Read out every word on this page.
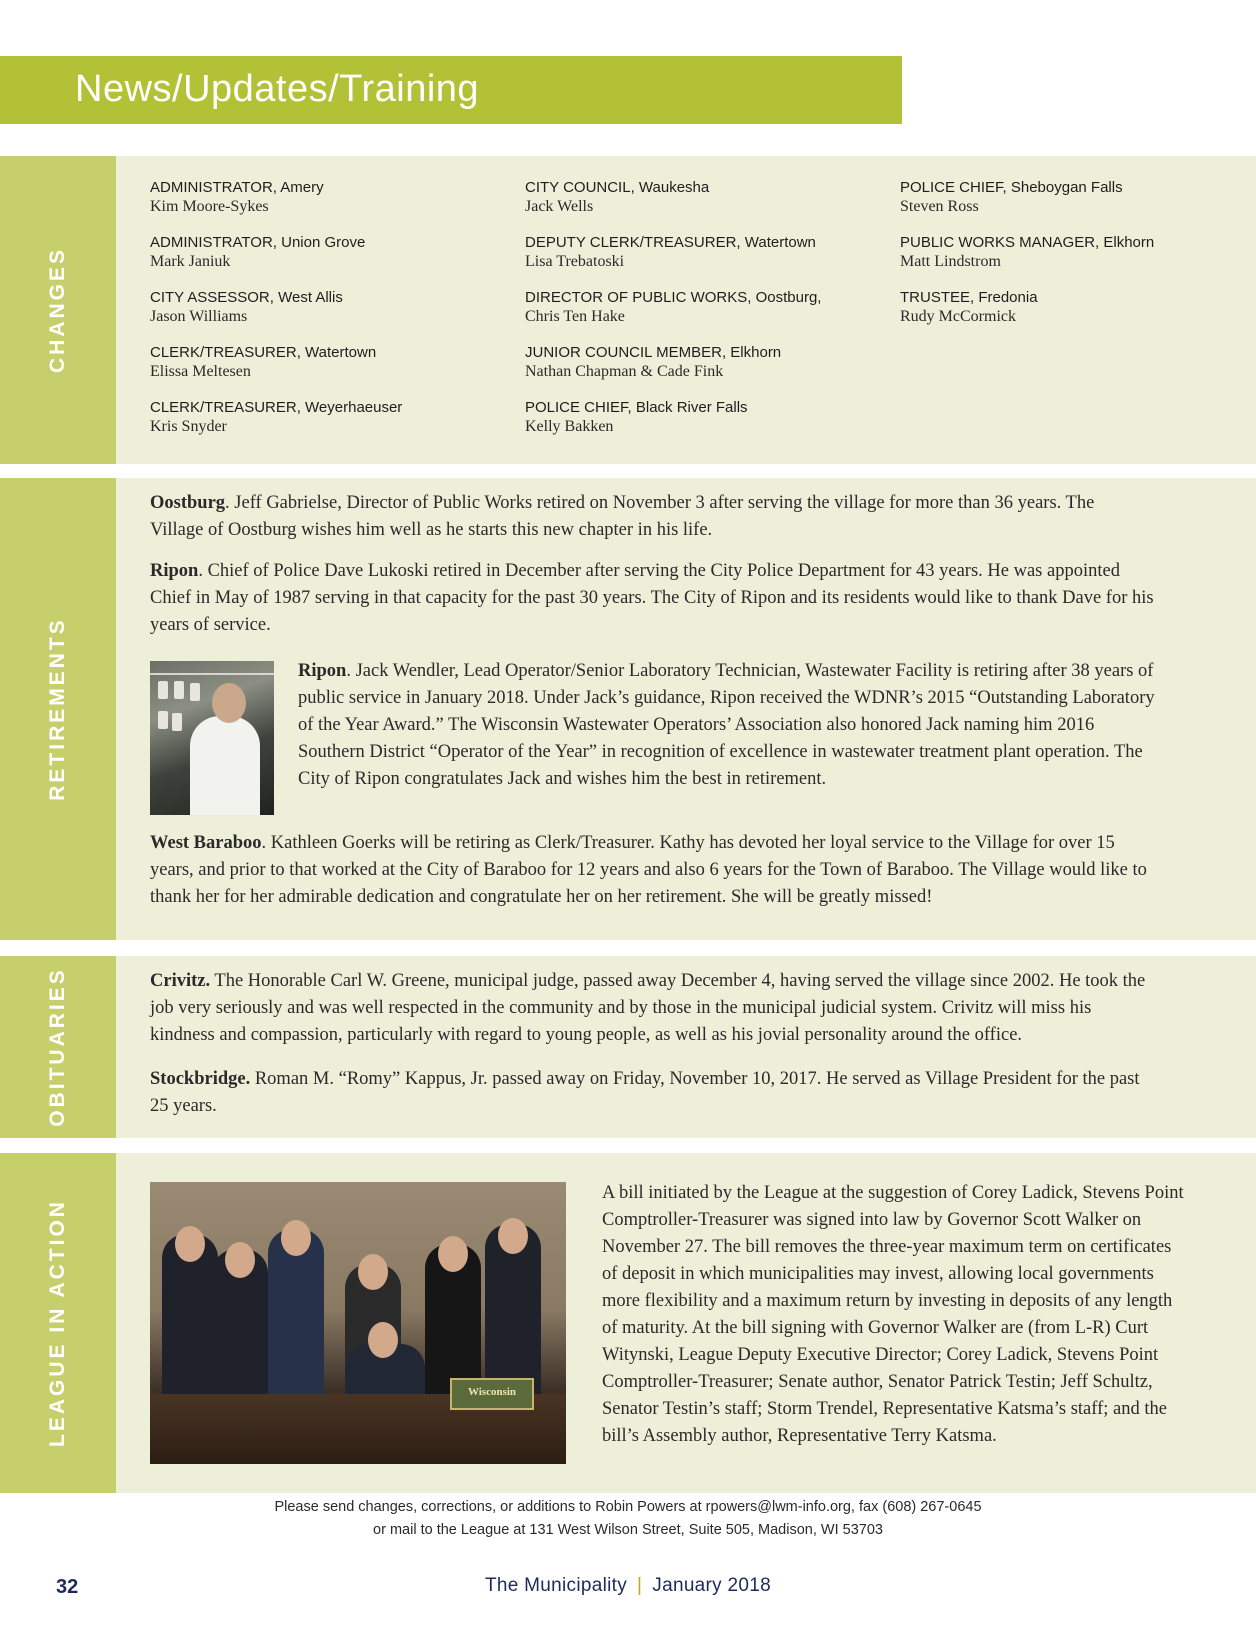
News/Updates/Training
CHANGES
ADMINISTRATOR, Amery
Kim Moore-Sykes
ADMINISTRATOR, Union Grove
Mark Janiuk
CITY ASSESSOR, West Allis
Jason Williams
CLERK/TREASURER, Watertown
Elissa Meltesen
CLERK/TREASURER, Weyerhaeuser
Kris Snyder
CITY COUNCIL, Waukesha
Jack Wells
DEPUTY CLERK/TREASURER, Watertown
Lisa Trebatoski
DIRECTOR OF PUBLIC WORKS, Oostburg,
Chris Ten Hake
JUNIOR COUNCIL MEMBER, Elkhorn
Nathan Chapman & Cade Fink
POLICE CHIEF, Black River Falls
Kelly Bakken
POLICE CHIEF, Sheboygan Falls
Steven Ross
PUBLIC WORKS MANAGER, Elkhorn
Matt Lindstrom
TRUSTEE, Fredonia
Rudy McCormick
RETIREMENTS

Oostburg. Jeff Gabrielse, Director of Public Works retired on November 3 after serving the village for more than 36 years. The Village of Oostburg wishes him well as he starts this new chapter in his life.

Ripon. Chief of Police Dave Lukoski retired in December after serving the City Police Department for 43 years. He was appointed Chief in May of 1987 serving in that capacity for the past 30 years. The City of Ripon and its residents would like to thank Dave for his years of service.

Ripon. Jack Wendler, Lead Operator/Senior Laboratory Technician, Wastewater Facility is retiring after 38 years of public service in January 2018. Under Jack’s guidance, Ripon received the WDNR’s 2015 “Outstanding Laboratory of the Year Award.” The Wisconsin Wastewater Operators’ Association also honored Jack naming him 2016 Southern District “Operator of the Year” in recognition of excellence in wastewater treatment plant operation. The City of Ripon congratulates Jack and wishes him the best in retirement.

West Baraboo. Kathleen Goerks will be retiring as Clerk/Treasurer. Kathy has devoted her loyal service to the Village for over 15 years, and prior to that worked at the City of Baraboo for 12 years and also 6 years for the Town of Baraboo. The Village would like to thank her for her admirable dedication and congratulate her on her retirement. She will be greatly missed!

OBITUARIES	Crivitz. The Honorable Carl W. Greene, municipal judge, passed away December 4, having served the village since 2002. He took the job very seriously and was well respected in the community and by those in the municipal judicial system. Crivitz will miss his kindness and compassion, particularly with regard to young people, as well as his jovial personality around the office.

Stockbridge. Roman M. “Romy” Kappus, Jr. passed away on Friday, November 10, 2017. He served as Village President for the past 25 years.

LEAGUE IN ACTION	Wisconsin

A bill initiated by the League at the suggestion of Corey Ladick, Stevens Point Comptroller-Treasurer was signed into law by Governor Scott Walker on November 27. The bill removes the three-year maximum term on certificates of deposit in which municipalities may invest, allowing local governments more flexibility and a maximum return by investing in deposits of any length of maturity. At the bill signing with Governor Walker are (from L-R) Curt Witynski, League Deputy Executive Director; Corey Ladick, Stevens Point Comptroller-Treasurer; Senate author, Senator Patrick Testin; Jeff Schultz, Senator Testin’s staff; Storm Trendel, Representative Katsma’s staff; and the bill’s Assembly author, Representative Terry Katsma.

Please send changes, corrections, or additions to Robin Powers at rpowers@lwm-info.org, fax (608) 267-0645
or mail to the League at 131 West Wilson Street, Suite 505, Madison, WI 53703
32	The Municipality | January 2018
